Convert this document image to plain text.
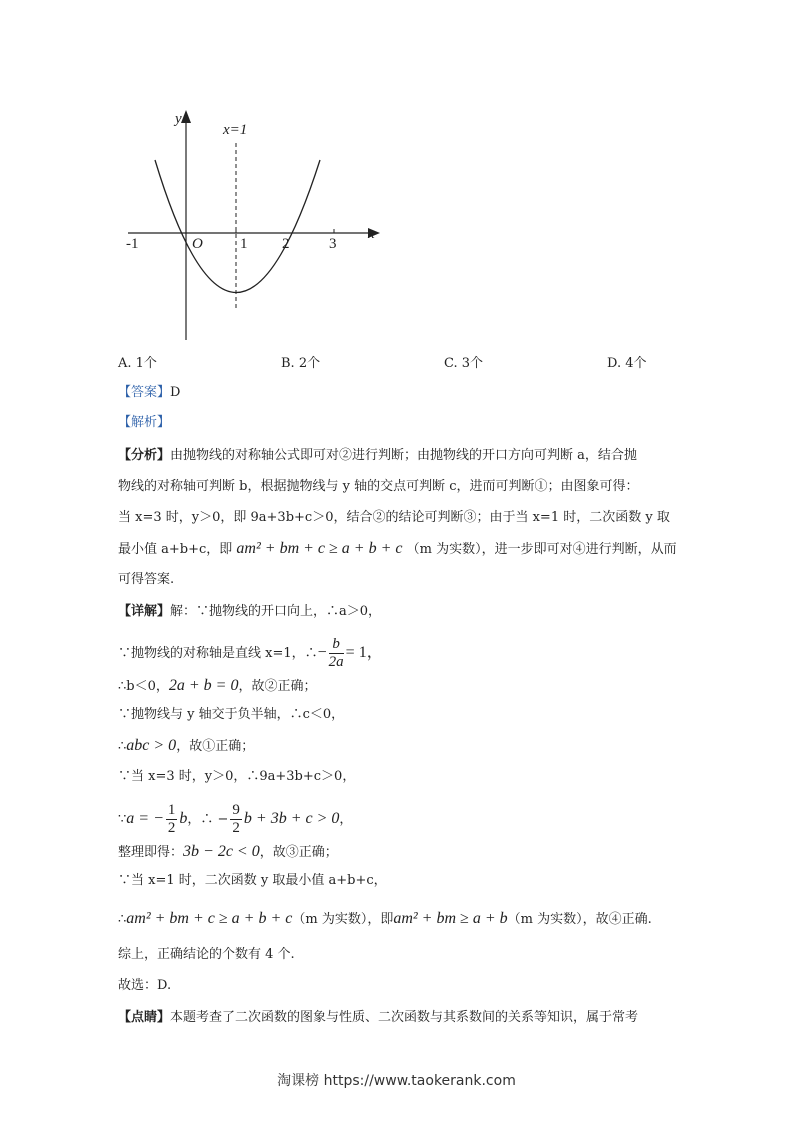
y
x
x=1
O
-1	1 2	3
A. 1个	B. 2个	C. 3个	D. 4个
【答案】D
【解析】
【分析】由抛物线的对称轴公式即可对②进行判断；由抛物线的开口方向可判断 a，结合抛
物线的对称轴可判断 b，根据抛物线与 y 轴的交点可判断 c，进而可判断①；由图象可得：
当 x=3 时，y＞0，即 9a+3b+c＞0，结合②的结论可判断③；由于当 x=1 时，二次函数 y 取
最小值 a+b+c，即 am² + bm + c ≥ a + b + c （m 为实数），进一步即可对④进行判断，从而
可得答案.
【详解】解：∵抛物线的开口向上，∴a＞0，
∵抛物线的对称轴是直线 x=1，∴− $\frac{b}{2a} = 1$，
∴b＜0，2a + b = 0，故②正确；
∵抛物线与 y 轴交于负半轴，∴c＜0，
∴abc > 0，故①正确；
∵当 x=3 时，y＞0，∴9a+3b+c＞0，
∵a = − $\frac{1}{2}$ b，∴ − $\frac{9}{2}$ b + 3b + c > 0，
整理即得：3b − 2c < 0，故③正确；
∵当 x=1 时，二次函数 y 取最小值 a+b+c，
∴am² + bm + c ≥ a + b + c（m 为实数），即am² + bm ≥ a + b（m 为实数），故④正确.
综上，正确结论的个数有 4 个.
故选：D.
【点睛】本题考查了二次函数的图象与性质、二次函数与其系数间的关系等知识，属于常考
淘课榜 https://www.taokerank.com
